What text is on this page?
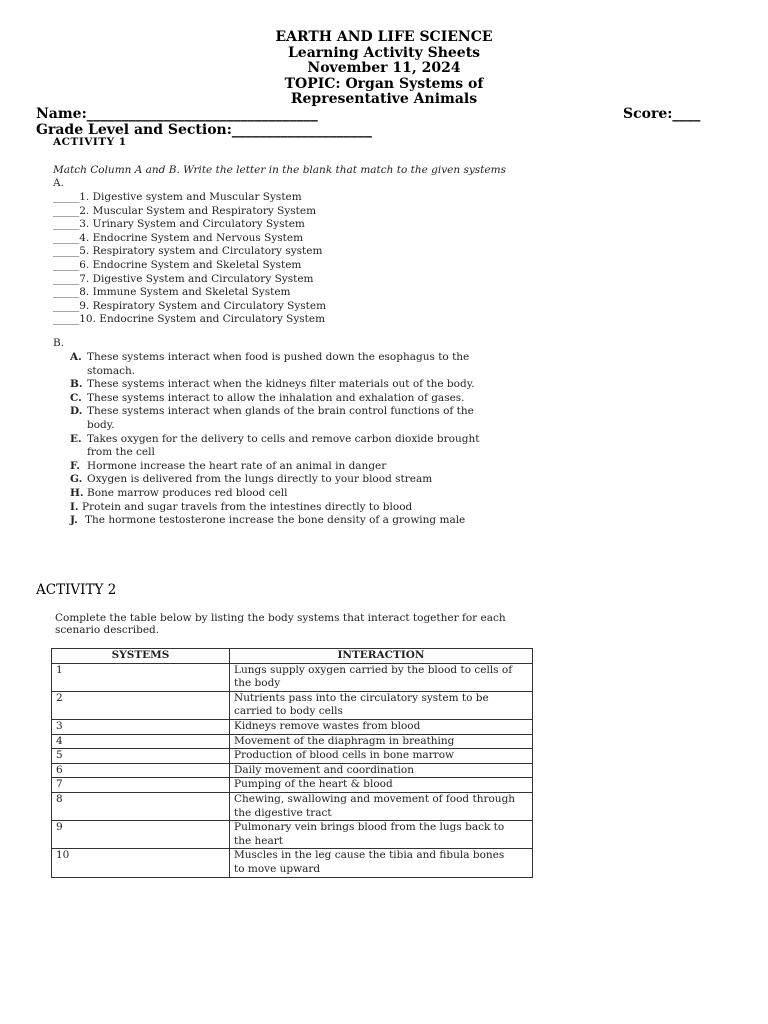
EARTH AND LIFE SCIENCE
Learning Activity Sheets
November 11, 2024
TOPIC: Organ Systems of
Representative Animals
Name:_________________________________	Score:____
Grade Level and Section:____________________
ACTIVITY 1
Match Column A and B. Write the letter in the blank that match to the given systems
A.
_____1. Digestive system and Muscular System
_____2. Muscular System and Respiratory System
_____3. Urinary System and Circulatory System
_____4. Endocrine System and Nervous System
_____5. Respiratory system and Circulatory system
_____6. Endocrine System and Skeletal System
_____7. Digestive System and Circulatory System
_____8. Immune System and Skeletal System
_____9. Respiratory System and Circulatory System
_____10. Endocrine System and Circulatory System
B.
A. These systems interact when food is pushed down the esophagus to the
stomach.
B. These systems interact when the kidneys filter materials out of the body.
C. These systems interact to allow the inhalation and exhalation of gases.
D. These systems interact when glands of the brain control functions of the
body.
E. Takes oxygen for the delivery to cells and remove carbon dioxide brought
from the cell
F. Hormone increase the heart rate of an animal in danger
G. Oxygen is delivered from the lungs directly to your blood stream
H. Bone marrow produces red blood cell
I. Protein and sugar travels from the intestines directly to blood
J. The hormone testosterone increase the bone density of a growing male
ACTIVITY 2
Complete the table below by listing the body systems that interact together for each
scenario described.
SYSTEMS	INTERACTION
1	Lungs supply oxygen carried by the blood to cells of
the body

2	Nutrients pass into the circulatory system to be
carried to body cells

3	Kidneys remove wastes from blood

4	Movement of the diaphragm in breathing

5	Production of blood cells in bone marrow

6	Daily movement and coordination

7	Pumping of the heart & blood

8	Chewing, swallowing and movement of food through
the digestive tract

9	Pulmonary vein brings blood from the lugs back to
the heart

10	Muscles in the leg cause the tibia and fibula bones
to move upward
